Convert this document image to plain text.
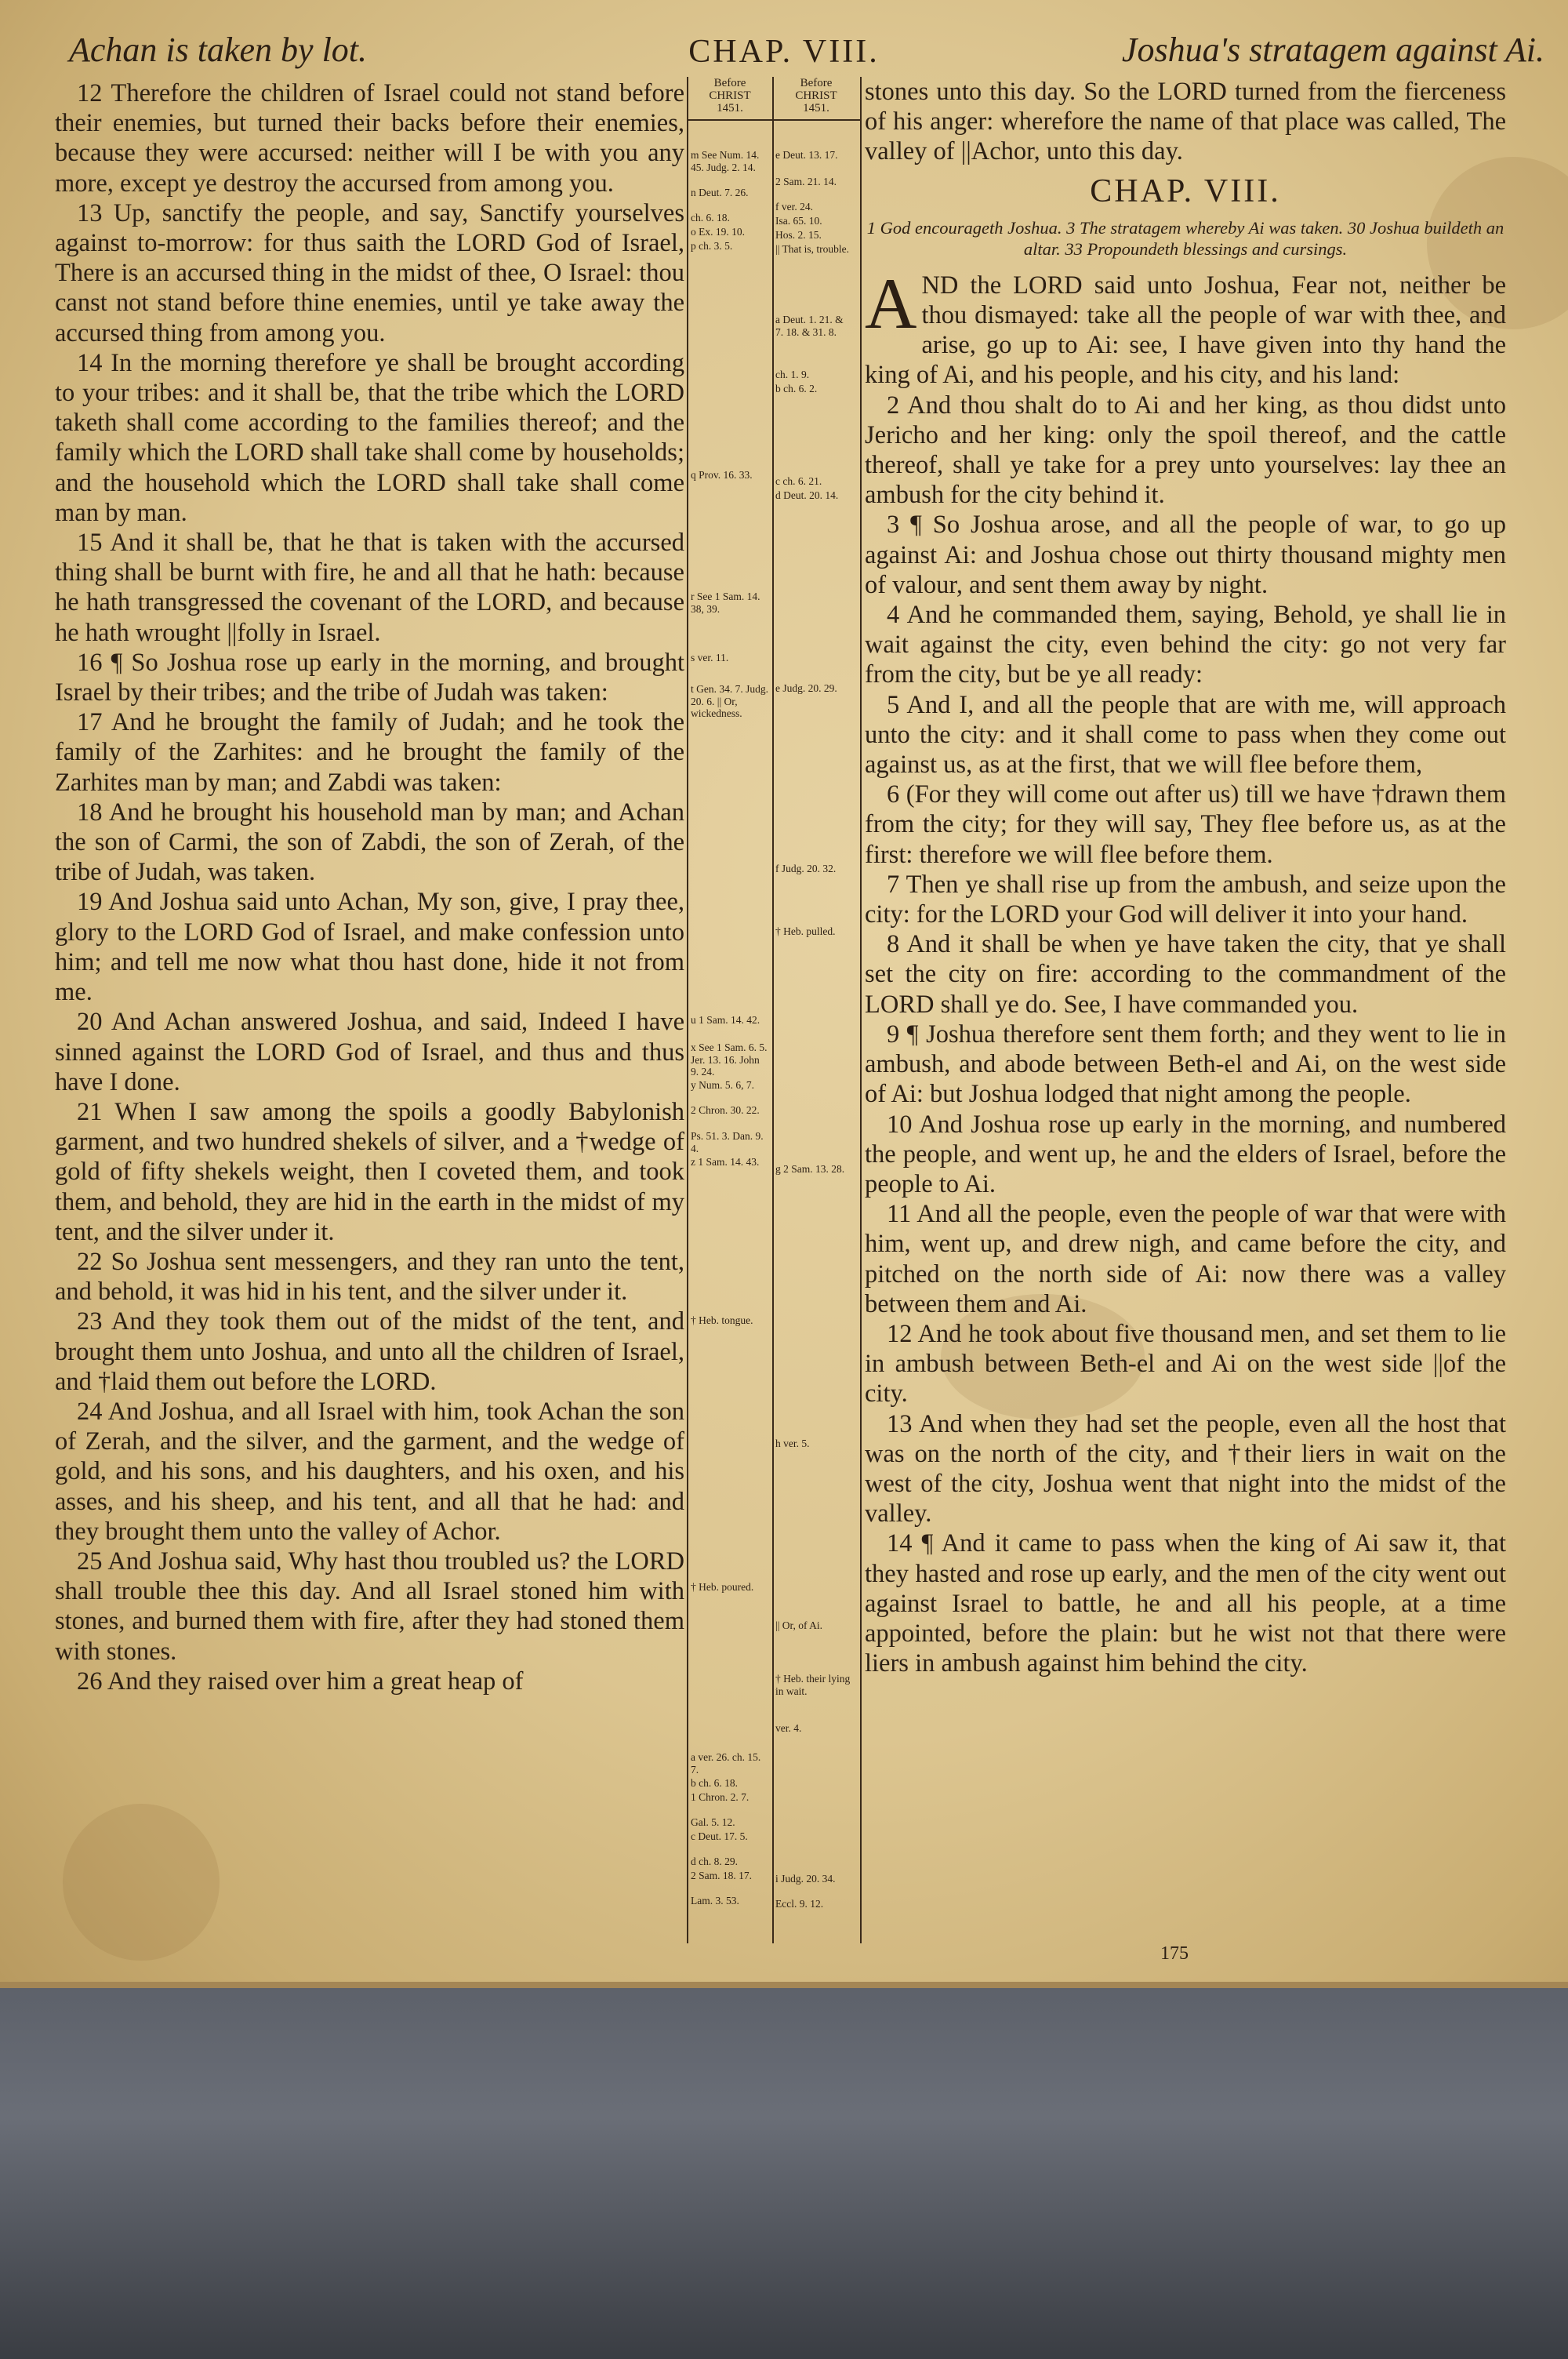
Achan is taken by lot.	CHAP. VIII.	Joshua's stratagem against Ai.

12 Therefore the children of Israel could not stand before their enemies, but turned their backs before their enemies, because they were accursed: neither will I be with you any more, except ye destroy the accursed from among you.

13 Up, sanctify the people, and say, Sanctify yourselves against to-morrow: for thus saith the LORD God of Israel, There is an accursed thing in the midst of thee, O Israel: thou canst not stand before thine enemies, until ye take away the accursed thing from among you.

14 In the morning therefore ye shall be brought according to your tribes: and it shall be, that the tribe which the LORD taketh shall come according to the families thereof; and the family which the LORD shall take shall come by households; and the household which the LORD shall take shall come man by man.

15 And it shall be, that he that is taken with the accursed thing shall be burnt with fire, he and all that he hath: because he hath transgressed the covenant of the LORD, and because he hath wrought ||folly in Israel.

16 ¶ So Joshua rose up early in the morning, and brought Israel by their tribes; and the tribe of Judah was taken:

17 And he brought the family of Judah; and he took the family of the Zarhites: and he brought the family of the Zarhites man by man; and Zabdi was taken:

18 And he brought his household man by man; and Achan the son of Carmi, the son of Zabdi, the son of Zerah, of the tribe of Judah, was taken.

19 And Joshua said unto Achan, My son, give, I pray thee, glory to the LORD God of Israel, and make confession unto him; and tell me now what thou hast done, hide it not from me.

20 And Achan answered Joshua, and said, Indeed I have sinned against the LORD God of Israel, and thus and thus have I done.

21 When I saw among the spoils a goodly Babylonish garment, and two hundred shekels of silver, and a †wedge of gold of fifty shekels weight, then I coveted them, and took them, and behold, they are hid in the earth in the midst of my tent, and the silver under it.

22 So Joshua sent messengers, and they ran unto the tent, and behold, it was hid in his tent, and the silver under it.

23 And they took them out of the midst of the tent, and brought them unto Joshua, and unto all the children of Israel, and †laid them out before the LORD.

24 And Joshua, and all Israel with him, took Achan the son of Zerah, and the silver, and the garment, and the wedge of gold, and his sons, and his daughters, and his oxen, and his asses, and his sheep, and his tent, and all that he had: and they brought them unto the valley of Achor.

25 And Joshua said, Why hast thou troubled us? the LORD shall trouble thee this day. And all Israel stoned him with stones, and burned them with fire, after they had stoned them with stones.

26 And they raised over him a great heap of

Before
CHRIST
1451.
m See Num. 14. 45. Judg. 2. 14.
n Deut. 7. 26.
ch. 6. 18.
o Ex. 19. 10.
p ch. 3. 5.
q Prov. 16. 33.
r See 1 Sam. 14. 38, 39.
s ver. 11.
t Gen. 34. 7. Judg. 20. 6. || Or, wickedness.
u 1 Sam. 14. 42.
x See 1 Sam. 6. 5. Jer. 13. 16. John 9. 24.
y Num. 5. 6, 7.
2 Chron. 30. 22.
Ps. 51. 3. Dan. 9. 4.
z 1 Sam. 14. 43.
† Heb. tongue.
† Heb. poured.
a ver. 26. ch. 15. 7.
b ch. 6. 18.
1 Chron. 2. 7.
Gal. 5. 12.
c Deut. 17. 5.
d ch. 8. 29.
2 Sam. 18. 17.
Lam. 3. 53.
Before
CHRIST
1451.
e Deut. 13. 17.
2 Sam. 21. 14.
f ver. 24.
Isa. 65. 10.
Hos. 2. 15.
|| That is, trouble.
a Deut. 1. 21. & 7. 18. & 31. 8.
ch. 1. 9.
b ch. 6. 2.
c ch. 6. 21.
d Deut. 20. 14.
e Judg. 20. 29.
f Judg. 20. 32.
† Heb. pulled.
g 2 Sam. 13. 28.
h ver. 5.
|| Or, of Ai.
† Heb. their lying in wait.
ver. 4.
i Judg. 20. 34.
Eccl. 9. 12.

stones unto this day. So the LORD turned from the fierceness of his anger: wherefore the name of that place was called, The valley of ||Achor, unto this day.

CHAP. VIII.
1 God encourageth Joshua. 3 The stratagem whereby Ai was taken. 30 Joshua buildeth an altar. 33 Propoundeth blessings and cursings.

AND the LORD said unto Joshua, Fear not, neither be thou dismayed: take all the people of war with thee, and arise, go up to Ai: see, I have given into thy hand the king of Ai, and his people, and his city, and his land:

2 And thou shalt do to Ai and her king, as thou didst unto Jericho and her king: only the spoil thereof, and the cattle thereof, shall ye take for a prey unto yourselves: lay thee an ambush for the city behind it.

3 ¶ So Joshua arose, and all the people of war, to go up against Ai: and Joshua chose out thirty thousand mighty men of valour, and sent them away by night.

4 And he commanded them, saying, Behold, ye shall lie in wait against the city, even behind the city: go not very far from the city, but be ye all ready:

5 And I, and all the people that are with me, will approach unto the city: and it shall come to pass when they come out against us, as at the first, that we will flee before them,

6 (For they will come out after us) till we have †drawn them from the city; for they will say, They flee before us, as at the first: therefore we will flee before them.

7 Then ye shall rise up from the ambush, and seize upon the city: for the LORD your God will deliver it into your hand.

8 And it shall be when ye have taken the city, that ye shall set the city on fire: according to the commandment of the LORD shall ye do. See, I have commanded you.

9 ¶ Joshua therefore sent them forth; and they went to lie in ambush, and abode between Beth-el and Ai, on the west side of Ai: but Joshua lodged that night among the people.

10 And Joshua rose up early in the morning, and numbered the people, and went up, he and the elders of Israel, before the people to Ai.

11 And all the people, even the people of war that were with him, went up, and drew nigh, and came before the city, and pitched on the north side of Ai: now there was a valley between them and Ai.

12 And he took about five thousand men, and set them to lie in ambush between Beth-el and Ai on the west side ||of the city.

13 And when they had set the people, even all the host that was on the north of the city, and †their liers in wait on the west of the city, Joshua went that night into the midst of the valley.

14 ¶ And it came to pass when the king of Ai saw it, that they hasted and rose up early, and the men of the city went out against Israel to battle, he and all his people, at a time appointed, before the plain: but he wist not that there were liers in ambush against him behind the city.

175
